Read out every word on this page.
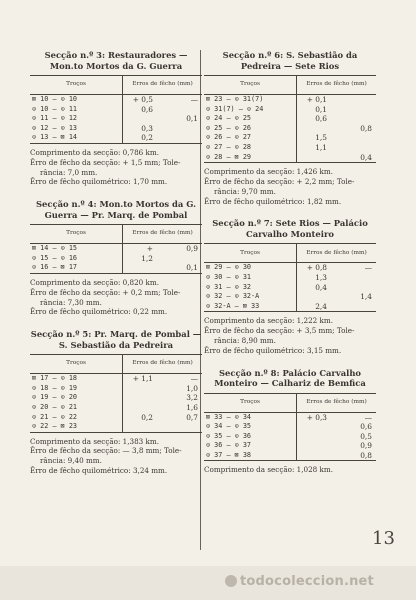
Secção n.º 3: Restauradores — Mon.to Mortos da G. Guerra
Troços	Erros de fêcho (mm)	
⊠ 10 — ⊙ 10	+ 0,5	—
⊙ 10 — ⊙ 11	0,6	
⊙ 11 — ⊙ 12		0,1
⊙ 12 — ⊙ 13	0,3	
⊙ 13 — ⊠ 14	0,2	
Comprimento da secção: 0,786 km.
Êrro de fêcho da secção: + 1,5 mm; Tole-
rância: 7,0 mm.
Êrro de fêcho quilométrico: 1,70 mm.
Secção n.º 4: Mon.to Mortos da G. Guerra — Pr. Marq. de Pombal
Troços	Erros de fêcho (mm)	
⊠ 14 — ⊙ 15	+	0,9
⊙ 15 — ⊙ 16	1,2	
⊙ 16 — ⊠ 17		0,1
Comprimento da secção: 0,820 km.
Êrro de fêcho da secção: + 0,2 mm; Tole-
rância: 7,30 mm.
Êrro de fêcho quilométrico: 0,22 mm.
Secção n.º 5: Pr. Marq. de Pombal — S. Sebastião da Pedreira
Troços	Erros de fêcho (mm)	
⊠ 17 — ⊙ 18	+ 1,1	—
⊙ 18 — ⊙ 19		1,0
⊙ 19 — ⊙ 20		3,2
⊙ 20 — ⊙ 21		1,6
⊙ 21 — ⊙ 22	0,2	0,7
⊙ 22 — ⊠ 23		
Comprimento da secção: 1,383 km.
Êrro de fêcho da secção: — 3,8 mm; Tole-
rância: 9,40 mm.
Êrro de fêcho quilométrico: 3,24 mm.
Secção n.º 6: S. Sebastião da Pedreira — Sete Rios
Troços	Erros de fêcho (mm)	
⊠ 23 — ⊙ 31(7)	+ 0,1	
⊙ 31(7) — ⊙ 24	0,1	
⊙ 24 — ⊙ 25	0,6	
⊙ 25 — ⊙ 26		0,8
⊙ 26 — ⊙ 27	1,5	
⊙ 27 — ⊙ 28	1,1	
⊙ 28 — ⊠ 29		0,4
Comprimento da secção: 1,426 km.
Êrro de fêcho da secção: + 2,2 mm; Tole-
rância: 9,70 mm.
Êrro de fêcho quilométrico: 1,82 mm.
Secção n.º 7: Sete Rios — Palácio Carvalho Monteiro
Troços	Erros de fêcho (mm)	
⊠ 29 — ⊙ 30	+ 0,8	—
⊙ 30 — ⊙ 31	1,3	
⊙ 31 — ⊙ 32	0,4	
⊙ 32 — ⊙ 32-A		1,4
⊙ 32-A — ⊠ 33	2,4	
Comprimento da secção: 1,222 km.
Êrro de fêcho da secção: + 3,5 mm; Tole-
rância: 8,90 mm.
Êrro de fêcho quilométrico: 3,15 mm.
Secção n.º 8: Palácio Carvalho Monteiro — Calhariz de Bemfica
Troços	Erros de fêcho (mm)	
⊠ 33 — ⊙ 34	+ 0,3	—
⊙ 34 — ⊙ 35		0,6
⊙ 35 — ⊙ 36		0,5
⊙ 36 — ⊙ 37		0,9
⊙ 37 — ⊠ 38		0,8
Comprimento da secção: 1,028 km.
13
todocoleccion.net
